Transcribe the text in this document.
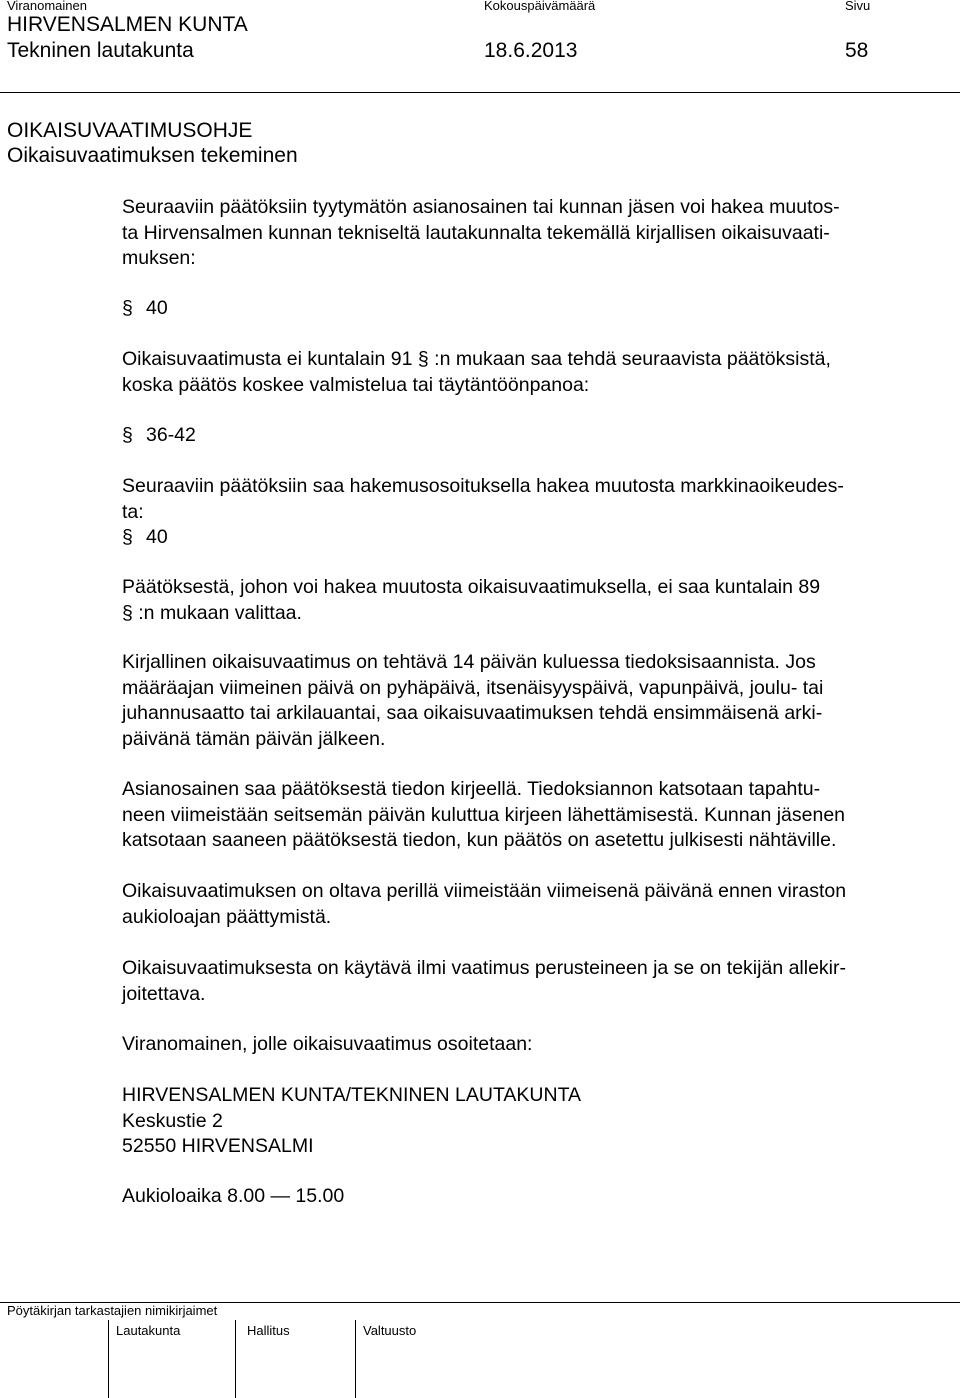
Viranomainen	Kokouspäivämäärä	Sivu
HIRVENSALMEN KUNTA
Tekninen lautakunta	18.6.2013	58
OIKAISUVAATIMUSOHJE
Oikaisuvaatimuksen tekeminen

Seuraaviin päätöksiin tyytymätön asianosainen tai kunnan jäsen voi hakea muutos-

ta Hirvensalmen kunnan tekniseltä lautakunnalta tekemällä kirjallisen oikaisuvaati-

muksen:

§ 40

Oikaisuvaatimusta ei kuntalain 91 § :n mukaan saa tehdä seuraavista päätöksistä,

koska päätös koskee valmistelua tai täytäntöönpanoa:

§ 36-42

Seuraaviin päätöksiin saa hakemusosoituksella hakea muutosta markkinaoikeudes-

ta:

§ 40

Päätöksestä, johon voi hakea muutosta oikaisuvaatimuksella, ei saa kuntalain 89

§ :n mukaan valittaa.

Kirjallinen oikaisuvaatimus on tehtävä 14 päivän kuluessa tiedoksisaannista. Jos

määräajan viimeinen päivä on pyhäpäivä, itsenäisyyspäivä, vapunpäivä, joulu- tai

juhannusaatto tai arkilauantai, saa oikaisuvaatimuksen tehdä ensimmäisenä arki-

päivänä tämän päivän jälkeen.

Asianosainen saa päätöksestä tiedon kirjeellä. Tiedoksiannon katsotaan tapahtu-

neen viimeistään seitsemän päivän kuluttua kirjeen lähettämisestä. Kunnan jäsenen

katsotaan saaneen päätöksestä tiedon, kun päätös on asetettu julkisesti nähtäville.

Oikaisuvaatimuksen on oltava perillä viimeistään viimeisenä päivänä ennen viraston

aukioloajan päättymistä.

Oikaisuvaatimuksesta on käytävä ilmi vaatimus perusteineen ja se on tekijän allekir-

joitettava.

Viranomainen, jolle oikaisuvaatimus osoitetaan:

HIRVENSALMEN KUNTA/TEKNINEN LAUTAKUNTA

Keskustie 2

52550 HIRVENSALMI

Aukioloaika 8.00 — 15.00

Pöytäkirjan tarkastajien nimikirjaimet
Lautakunta	Hallitus	Valtuusto
